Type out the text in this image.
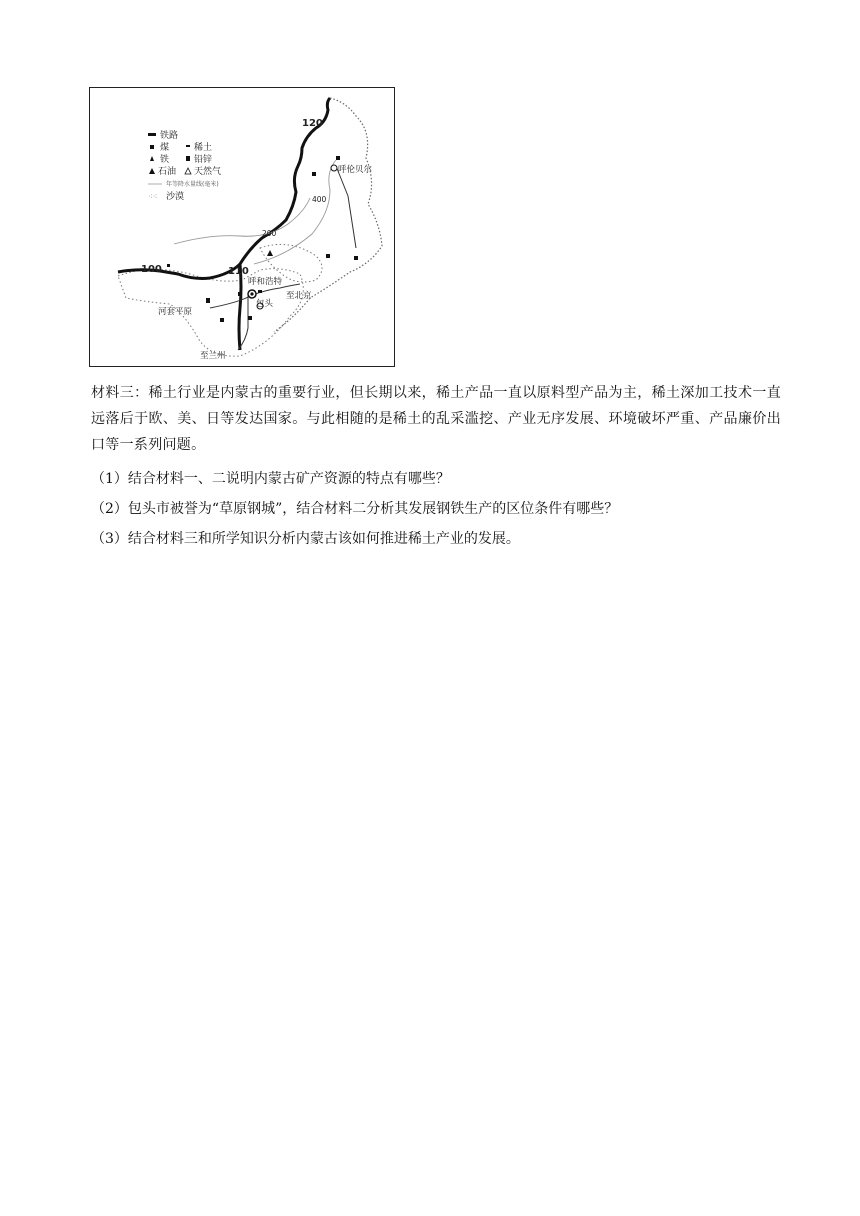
铁路
煤	稀土
铁	铅锌
石油 天然气
年等降水量线(毫米)
⁖⁖ 沙漠
100	110
120
200
400
呼伦贝尔
呼和浩特
包头
至北京
河套平原
至兰州

材料三：稀土行业是内蒙古的重要行业，但长期以来，稀土产品一直以原料型产品为主，稀土深加工技术一直远落后于欧、美、日等发达国家。与此相随的是稀土的乱采滥挖、产业无序发展、环境破坏严重、产品廉价出口等一系列问题。

（1）结合材料一、二说明内蒙古矿产资源的特点有哪些？

（2）包头市被誉为“草原钢城”，结合材料二分析其发展钢铁生产的区位条件有哪些？

（3）结合材料三和所学知识分析内蒙古该如何推进稀土产业的发展。
